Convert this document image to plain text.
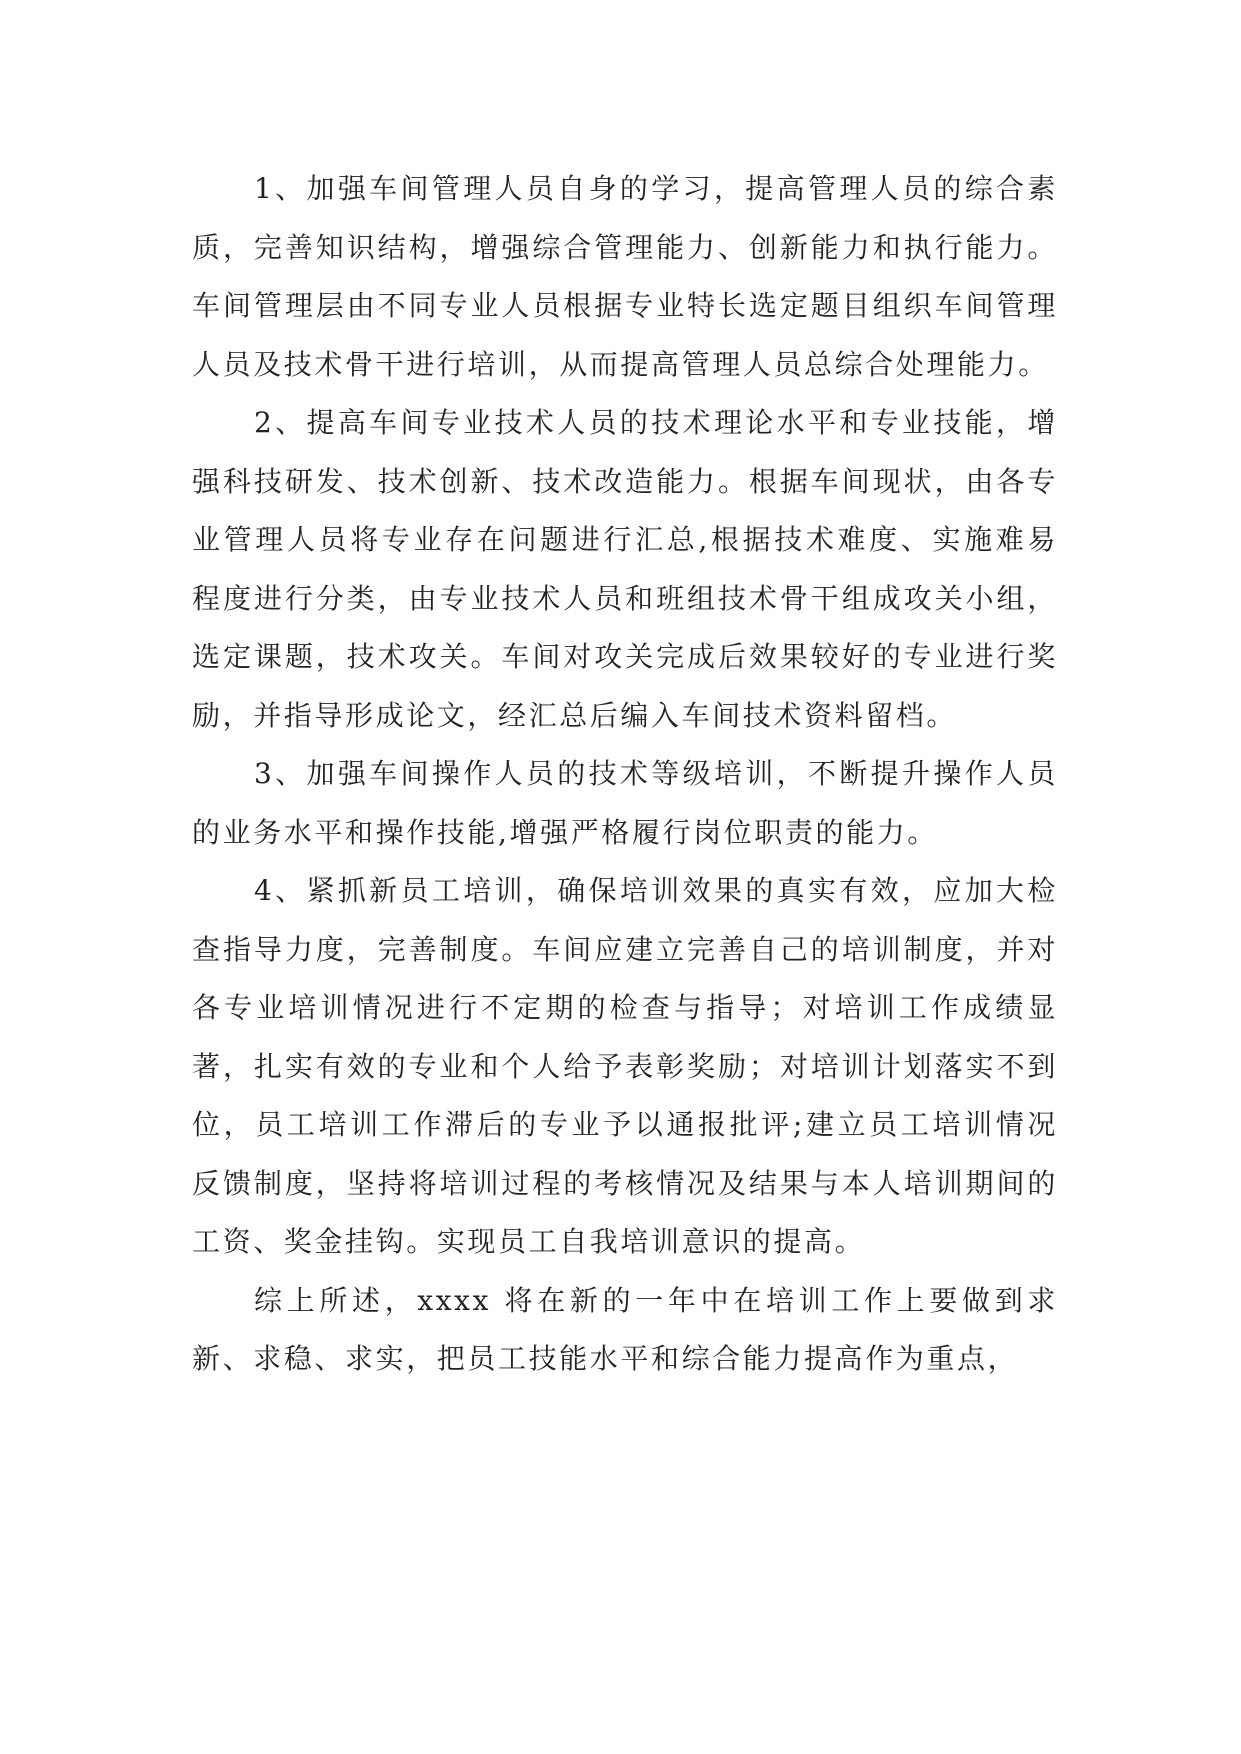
1、加强车间管理人员自身的学习，提高管理人员的综合素质，完善知识结构，增强综合管理能力、创新能力和执行能力。车间管理层由不同专业人员根据专业特长选定题目组织车间管理人员及技术骨干进行培训，从而提高管理人员总综合处理能力。

2、提高车间专业技术人员的技术理论水平和专业技能，增强科技研发、技术创新、技术改造能力。根据车间现状，由各专业管理人员将专业存在问题进行汇总,根据技术难度、实施难易程度进行分类，由专业技术人员和班组技术骨干组成攻关小组，选定课题，技术攻关。车间对攻关完成后效果较好的专业进行奖励，并指导形成论文，经汇总后编入车间技术资料留档。

3、加强车间操作人员的技术等级培训，不断提升操作人员的业务水平和操作技能,增强严格履行岗位职责的能力。

4、紧抓新员工培训，确保培训效果的真实有效，应加大检查指导力度，完善制度。车间应建立完善自己的培训制度，并对各专业培训情况进行不定期的检查与指导；对培训工作成绩显著，扎实有效的专业和个人给予表彰奖励；对培训计划落实不到位，员工培训工作滞后的专业予以通报批评;建立员工培训情况反馈制度，坚持将培训过程的考核情况及结果与本人培训期间的工资、奖金挂钩。实现员工自我培训意识的提高。

综上所述，xxxx 将在新的一年中在培训工作上要做到求新、求稳、求实，把员工技能水平和综合能力提高作为重点，
